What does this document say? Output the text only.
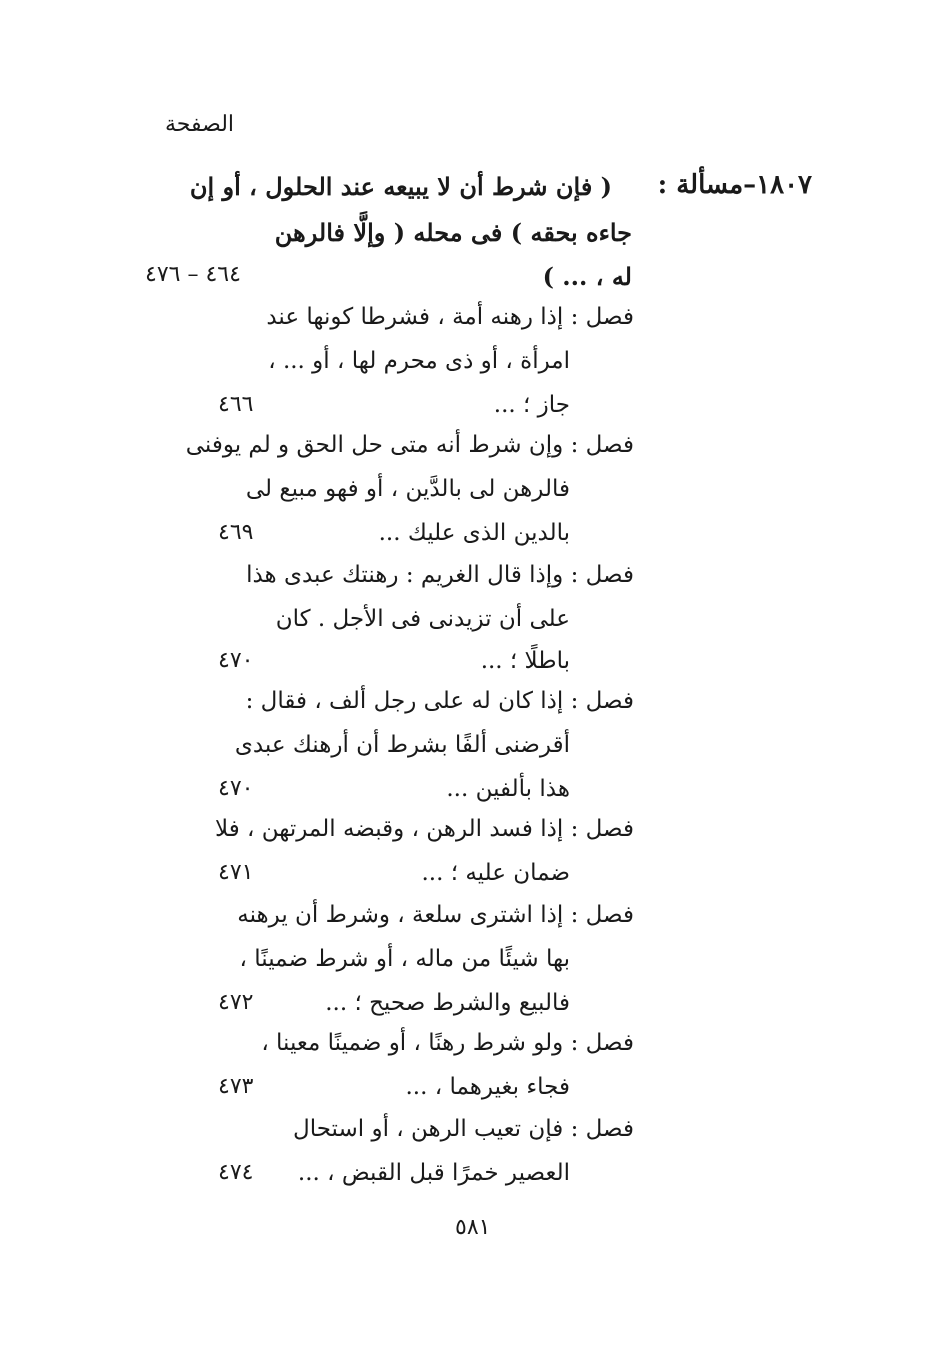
الصفحة
١٨٠٧–مسألة :
( فإن شرط أن لا يبيعه عند الحلول ، أو إن
جاءه بحقه ) فى محله ( وإلَّا فالرهن
له ، ... )
٤٦٤ – ٤٧٦
فصل : إذا رهنه أمة ، فشرطا كونها عند
امرأة ، أو ذى محرم لها ، أو ... ،
جاز ؛ ...
٤٦٦
فصل : وإن شرط أنه متى حل الحق و لم يوفنى
فالرهن لى بالدَّين ، أو فهو مبيع لى
بالدين الذى عليك ...
٤٦٩
فصل : وإذا قال الغريم : رهنتك عبدى هذا
على أن تزيدنى فى الأجل . كان
باطلًا ؛ ...
٤٧٠
فصل : إذا كان له على رجل ألف ، فقال :
أقرضنى ألفًا بشرط أن أرهنك عبدى
هذا بألفين ...
٤٧٠
فصل : إذا فسد الرهن ، وقبضه المرتهن ، فلا
ضمان عليه ؛ ...
٤٧١
فصل : إذا اشترى سلعة ، وشرط أن يرهنه
بها شيئًا من ماله ، أو شرط ضمينًا ،
فالبيع والشرط صحيح ؛ ...
٤٧٢
فصل : ولو شرط رهنًا ، أو ضمينًا معينا ،
فجاء بغيرهما ، ...
٤٧٣
فصل : فإن تعيب الرهن ، أو استحال
العصير خمرًا قبل القبض ، ...
٤٧٤
٥٨١
